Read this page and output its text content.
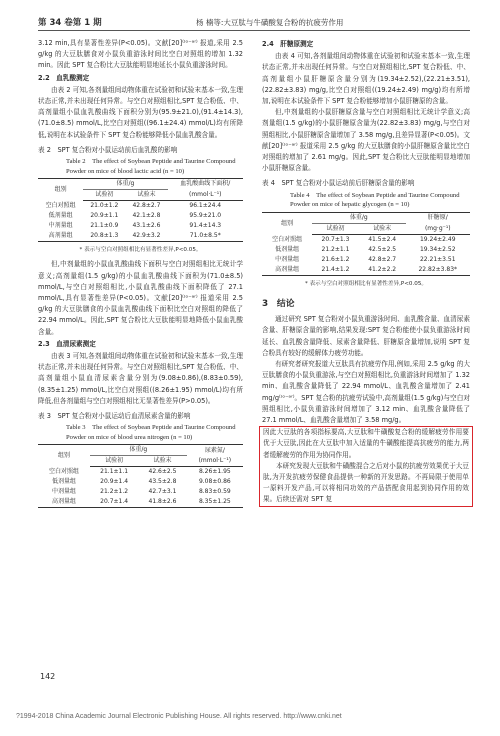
第 34 卷第 1 期	杨 楠等:大豆肽与牛磺酸复合粉的抗疲劳作用

3.12 min,具有显著性差异(P<0.05)。文献[20]⁽ᶦᵒ⁻ᵃʳ⁾ 报道,采用 2.5 g/kg 的大豆肽膳食对小鼠负重游泳时间比空白对照组的增加 1.32 min。因此 SPT 复合粉比大豆肽能明显地延长小鼠负重游泳时间。

2.2　血乳酸测定

由表 2 可知,各剂量组间动物体重在试验初和试验末基本一致,生理状态正常,并未出现任何异常。与空白对照组相比,SPT 复合粉低、中、高剂量组小鼠血乳酸曲线下面积分别为(95.9±21.0),(91.4±14.3),(71.0±8.5) mmol/L,比空白对照组((96.1±24.4) mmol/L)均有所降低,说明在本试验条件下 SPT 复合粉能够降低小鼠血乳酸含量。

表 2　SPT 复合粉对小鼠运动前后血乳酸的影响
Table 2　The effect of Soybean Peptide and Taurine Compound Powder on mice of blood lactic acid (n = 10)
组别	体重/g		血乳酸曲线下面积/
	试验初	试验末	(mmol·L⁻¹)
空白对照组	21.0±1.2	42.8±2.7	96.1±24.4
低剂量组	20.9±1.1	42.1±2.8	95.9±21.0
中剂量组	21.1±0.9	43.1±2.6	91.4±14.3
高剂量组	20.8±1.3	42.9±3.2	71.0±8.5*
* 表示与空白对照组相比有显著性差异,P<0.05。

但,中剂量组的小鼠血乳酸曲线下面积与空白对照组相比无统计学意义;高剂量组(1.5 g/kg)的小鼠血乳酸曲线下面积为(71.0±8.5) mmol/L,与空白对照组相比,小鼠血乳酸曲线下面积降低了 27.1 mmol/L,具有显著性差异(P<0.05)。文献[20]⁽ᶦᵒ⁻ᵃʳ⁾ 报道采用 2.5 g/kg 的大豆肽膳食的小鼠血乳酸曲线下面积比空白对照组的降低了 22.94 mmol/L。因此,SPT 复合粉比大豆肽能明显地降低小鼠血乳酸含量。

2.3　血清尿素测定

由表 3 可知,各剂量组间动物体重在试验初和试验末基本一致,生理状态正常,并未出现任何异常。与空白对照组相比,SPT 复合粉低、中、高剂量组小鼠血清尿素含量分别为(9.08±0.86),(8.83±0.59),(8.35±1.25) mmol/L,比空白对照组((8.26±1.95) mmol/L)均有所降低,但各剂量组与空白对照组相比无显著性差异(P>0.05)。

表 3　SPT 复合粉对小鼠运动后血清尿素含量的影响
Table 3　The effect of Soybean Peptide and Taurine Compound Powder on mice of blood urea nitrogen (n = 10)
组别	体重/g		尿素氮/
	试验初	试验末	(mmol·L⁻¹)
空白对照组	21.1±1.1	42.6±2.5	8.26±1.95
低剂量组	20.9±1.4	43.5±2.8	9.08±0.86
中剂量组	21.2±1.2	42.7±3.1	8.83±0.59
高剂量组	20.7±1.4	41.8±2.6	8.35±1.25
2.4　肝糖原测定

由表 4 可知,各剂量组间动物体重在试验初和试验末基本一致,生理状态正常,并未出现任何异常。与空白对照组相比,SPT 复合粉低、中、高剂量组小鼠肝糖原含量分别为(19.34±2.52),(22.21±3.51),(22.82±3.83) mg/g,比空白对照组((19.24±2.49) mg/g)均有所增加,说明在本试验条件下 SPT 复合粉能够增加小鼠肝糖原的含量。

但,中剂量组的小鼠肝糖原含量与空白对照组相比无统计学意义;高剂量组(1.5 g/kg)的小鼠肝糖原含量为(22.82±3.83) mg/g,与空白对照组相比,小鼠肝糖原含量增加了 3.58 mg/g,且差异显著(P<0.05)。文献[20]⁽ᶦᵒ⁻ᵃʳ⁾ 报道采用 2.5 g/kg 的大豆肽膳食的小鼠肝糖原含量比空白对照组的增加了 2.61 mg/g。因此,SPT 复合粉比大豆肽能明显地增加小鼠肝糖原含量。

表 4　SPT 复合粉对小鼠运动前后肝糖原含量的影响
Table 4　The effect of Soybean Peptide and Taurine Compound Powder on mice of hepatic glycogen (n = 10)
组别	体重/g		肝糖原/
	试验初	试验末	(mg·g⁻¹)
空白对照组	20.7±1.3	41.5±2.4	19.24±2.49
低剂量组	21.2±1.1	42.5±2.5	19.34±2.52
中剂量组	21.6±1.2	42.8±2.7	22.21±3.51
高剂量组	21.4±1.2	41.2±2.2	22.82±3.83*
* 表示与空白对照组相比有显著性差异,P<0.05。
3　结论

通过研究 SPT 复合粉对小鼠负重游泳时间、血乳酸含量、血清尿素含量、肝糖原含量的影响,结果发现:SPT 复合粉能使小鼠负重游泳时间延长、血乳酸含量降低、尿素含量降低、肝糖原含量增加,说明 SPT 复合粉具有较好的缓解体力疲劳功能。

有研究者研究报道大豆肽具有抗疲劳作用,例如,采用 2.5 g/kg 的大豆肽膳食的小鼠负重游泳,与空白对照组相比,负重游泳时间增加了 1.32 min、血乳酸含量降低了 22.94 mmol/L、血乳酸含量增加了 2.41 mg/g⁽ᶦᵒ⁻ᵃʳ⁾。SPT 复合粉的抗疲劳试验中,高剂量组(1.5 g/kg)与空白对照组相比,小鼠负重游泳时间增加了 3.12 min、血乳酸含量降低了 27.1 mmol/L、血乳酸含量增加了 3.58 mg/g。

因此大豆肽的各项指标要高,大豆肽和牛磺酸复合粉的缓解疲劳作用要优于大豆肽,因此在大豆肽中加入适量的牛磺酸能提高抗疲劳的能力,两者缓解疲劳的作用为协同作用。

本研究发现大豆肽和牛磺酸混合之后对小鼠的抗疲劳效果优于大豆肽,为开发抗疲劳保健食品提供一种新的开发思路。不再局限于使用单一原料开发产品,可以将相同功效的产品搭配食用起到协同作用的效果。后续还需对 SPT 复

142
?1994-2018 China Academic Journal Electronic Publishing House. All rights reserved. http://www.cnki.net
